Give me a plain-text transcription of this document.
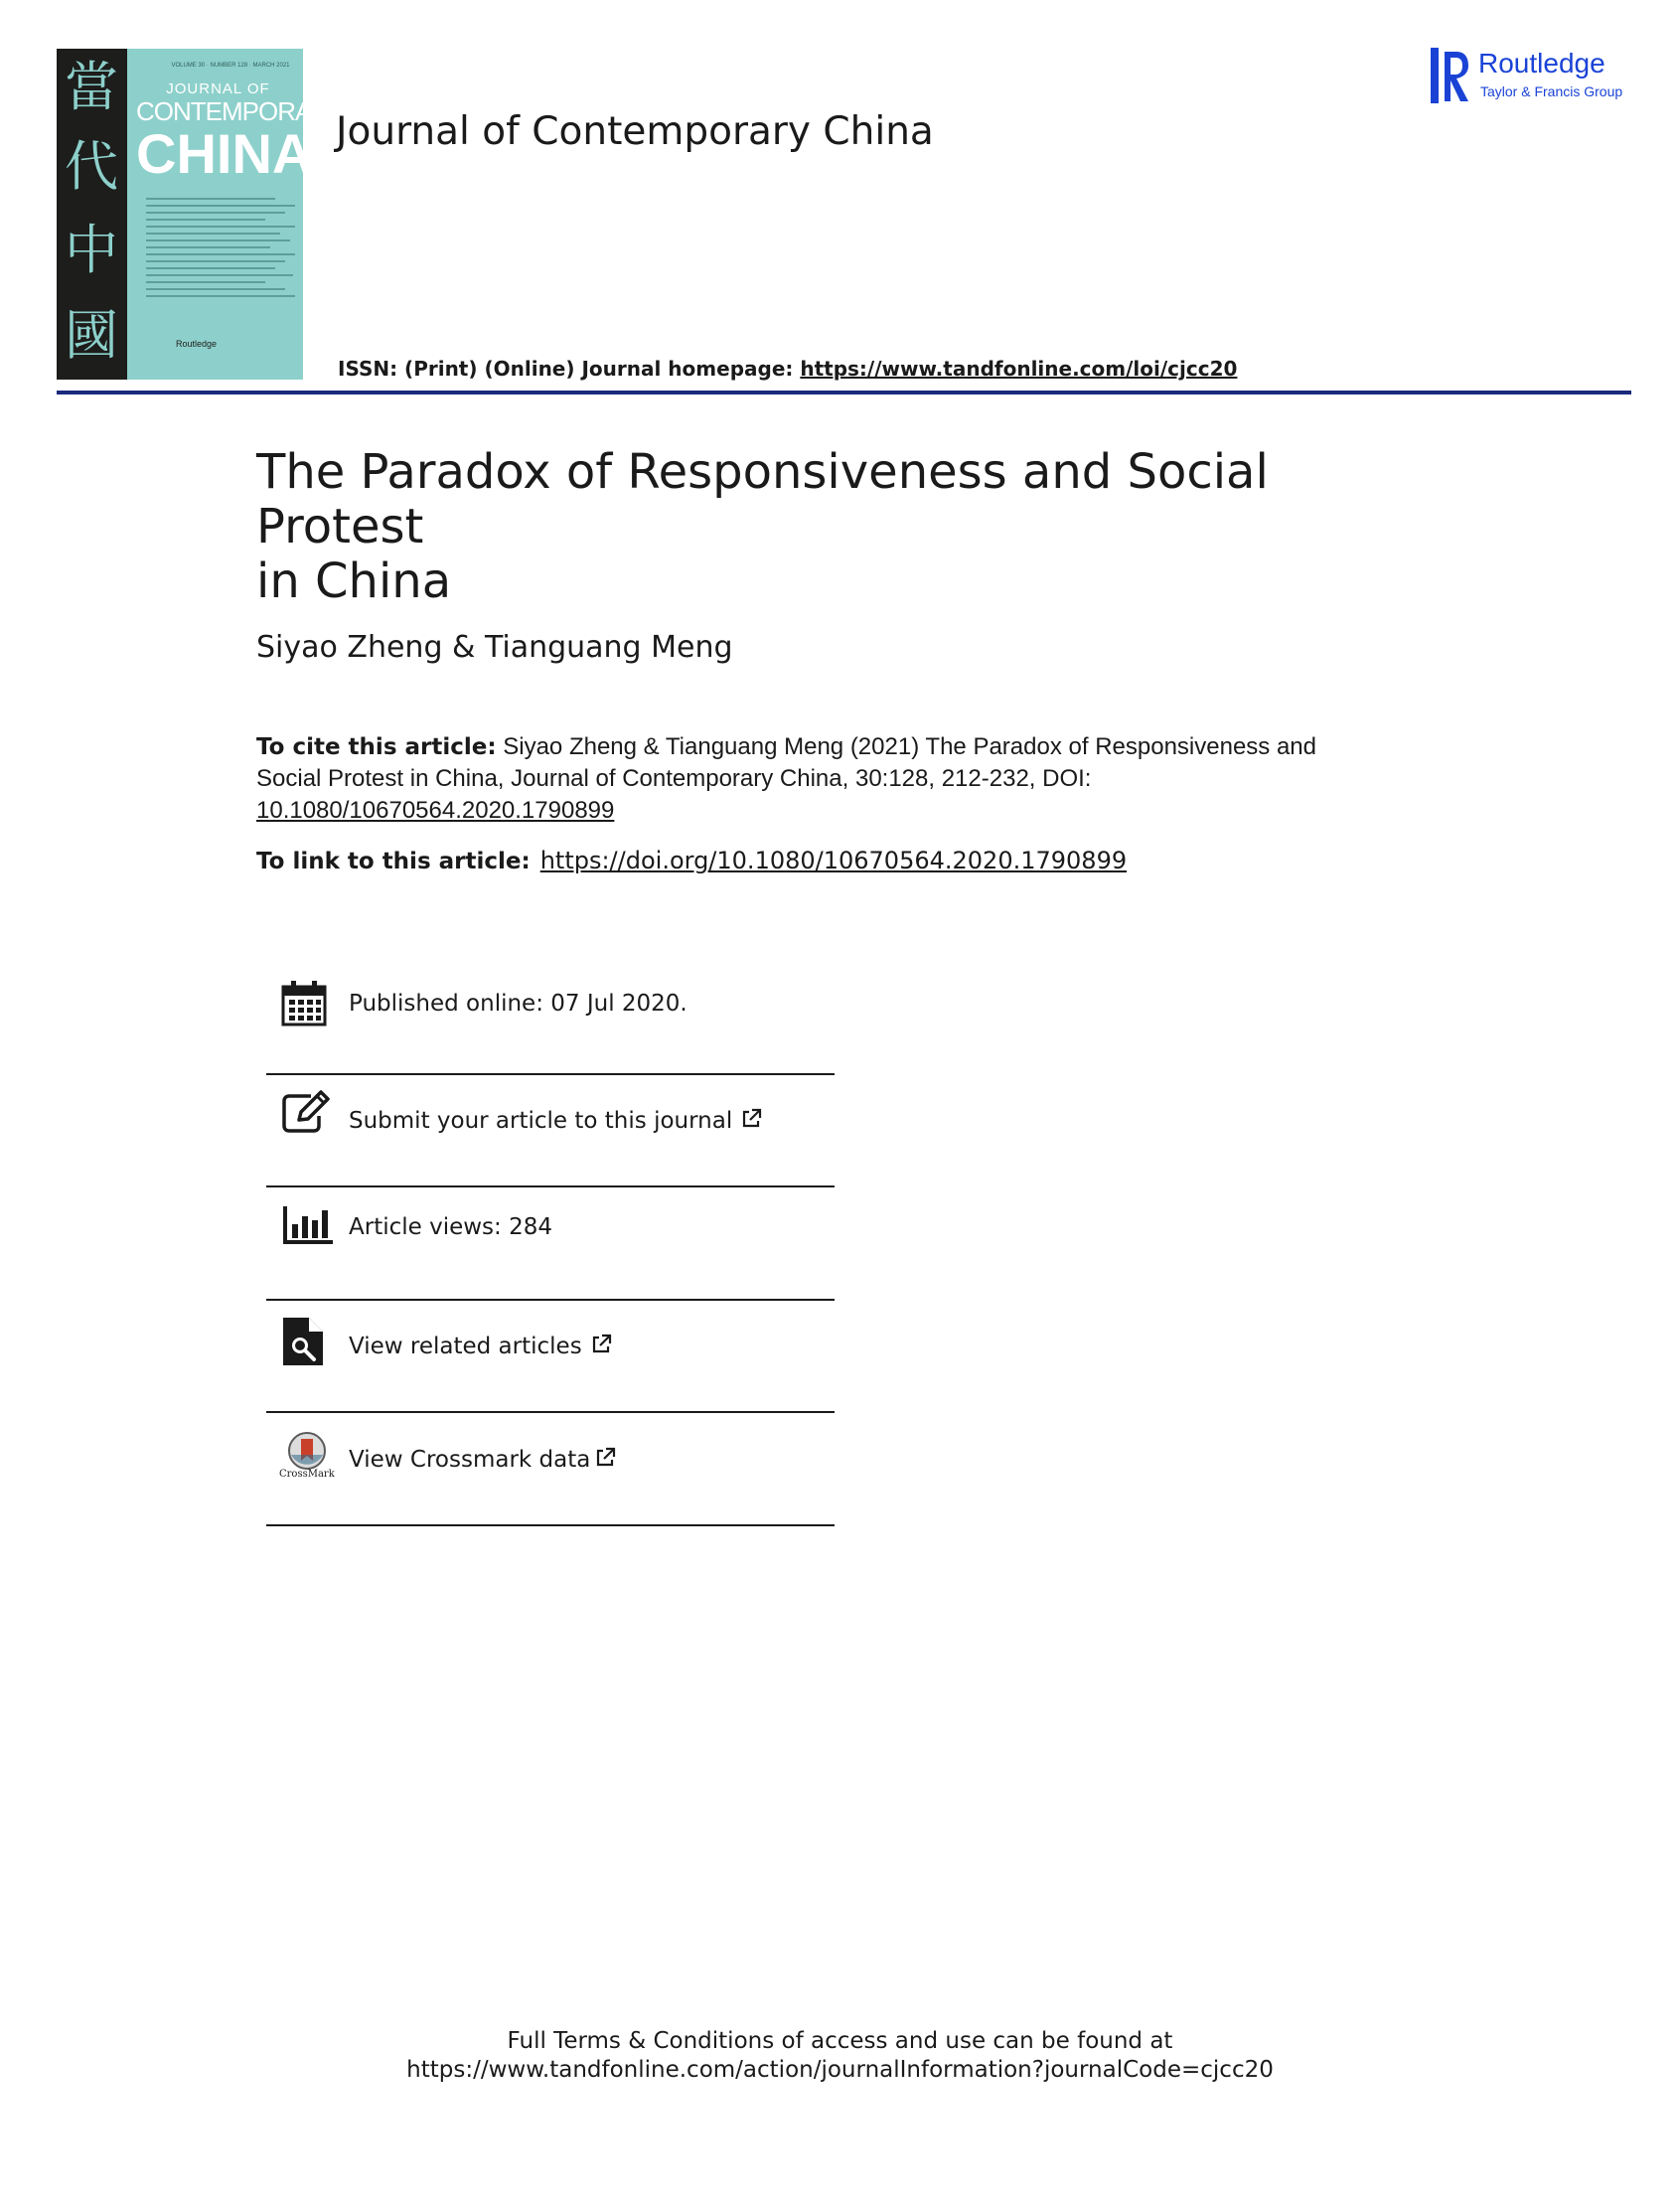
當
代
中
國
VOLUME 30 · NUMBER 128 · MARCH 2021
JOURNAL OF
CONTEMPORARY
CHINA
Routledge
Journal of Contemporary China
Routledge
Taylor & Francis Group
ISSN: (Print) (Online) Journal homepage: https://www.tandfonline.com/loi/cjcc20
The Paradox of Responsiveness and Social Protest
in China
Siyao Zheng & Tianguang Meng
To cite this article: Siyao Zheng & Tianguang Meng (2021) The Paradox of Responsiveness and Social Protest in China, Journal of Contemporary China, 30:128, 212-232, DOI: 10.1080/10670564.2020.1790899
To link to this article: https://doi.org/10.1080/10670564.2020.1790899
Published online: 07 Jul 2020.
Submit your article to this journal
Article views: 284
View related articles
CrossMark
View Crossmark data
Full Terms & Conditions of access and use can be found at
https://www.tandfonline.com/action/journalInformation?journalCode=cjcc20
